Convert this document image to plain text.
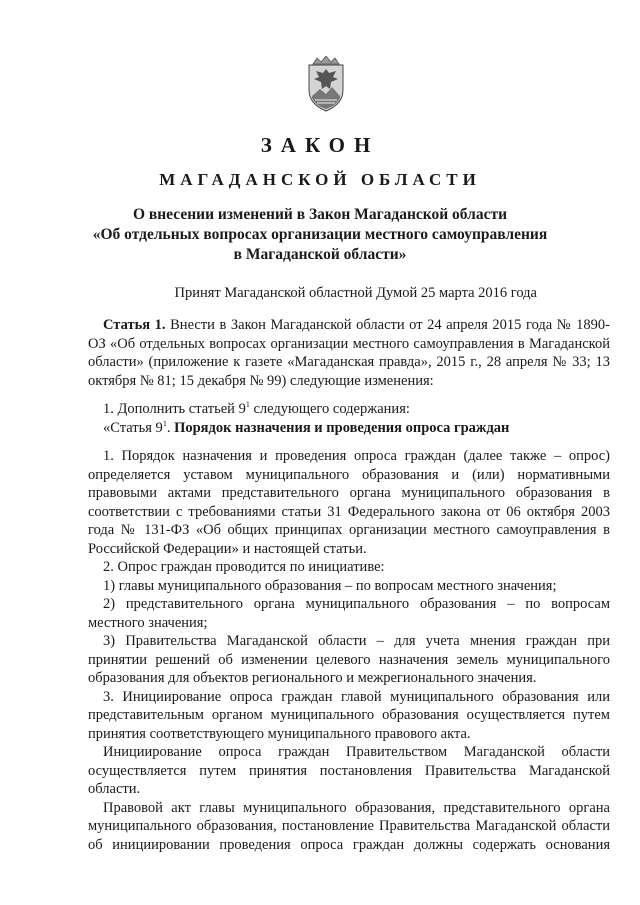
ЗАКОН
МАГАДАНСКОЙ ОБЛАСТИ
О внесении изменений в Закон Магаданской области
«Об отдельных вопросах организации местного самоуправления
в Магаданской области»
Принят Магаданской областной Думой 25 марта 2016 года

Статья 1. Внести в Закон Магаданской области от 24 апреля 2015 года № 1890-ОЗ «Об отдельных вопросах организации местного самоуправления в Магаданской области» (приложение к газете «Магаданская правда», 2015 г., 28 апреля № 33; 13 октября № 81; 15 декабря № 99) следующие изменения:

1. Дополнить статьей $9^1$ следующего содержания:

«Статья $9^1$. Порядок назначения и проведения опроса граждан

1. Порядок назначения и проведения опроса граждан (далее также – опрос) определяется уставом муниципального образования и (или) нормативными правовыми актами представительного органа муниципального образования в соответствии с требованиями статьи 31 Федерального закона от 06 октября 2003 года № 131-ФЗ «Об общих принципах организации местного самоуправления в Российской Федерации» и настоящей статьи.

2. Опрос граждан проводится по инициативе:

1) главы муниципального образования – по вопросам местного значения;

2) представительного органа муниципального образования – по вопросам местного значения;

3) Правительства Магаданской области – для учета мнения граждан при принятии решений об изменении целевого назначения земель муниципального образования для объектов регионального и межрегионального значения.

3. Инициирование опроса граждан главой муниципального образования или представительным органом муниципального образования осуществляется путем принятия соответствующего муниципального правового акта.

Инициирование опроса граждан Правительством Магаданской области осуществляется путем принятия постановления Правительства Магаданской области.

Правовой акт главы муниципального образования, представительного органа муниципального образования, постановление Правительства Магаданской области об инициировании проведения опроса граждан должны содержать основания
